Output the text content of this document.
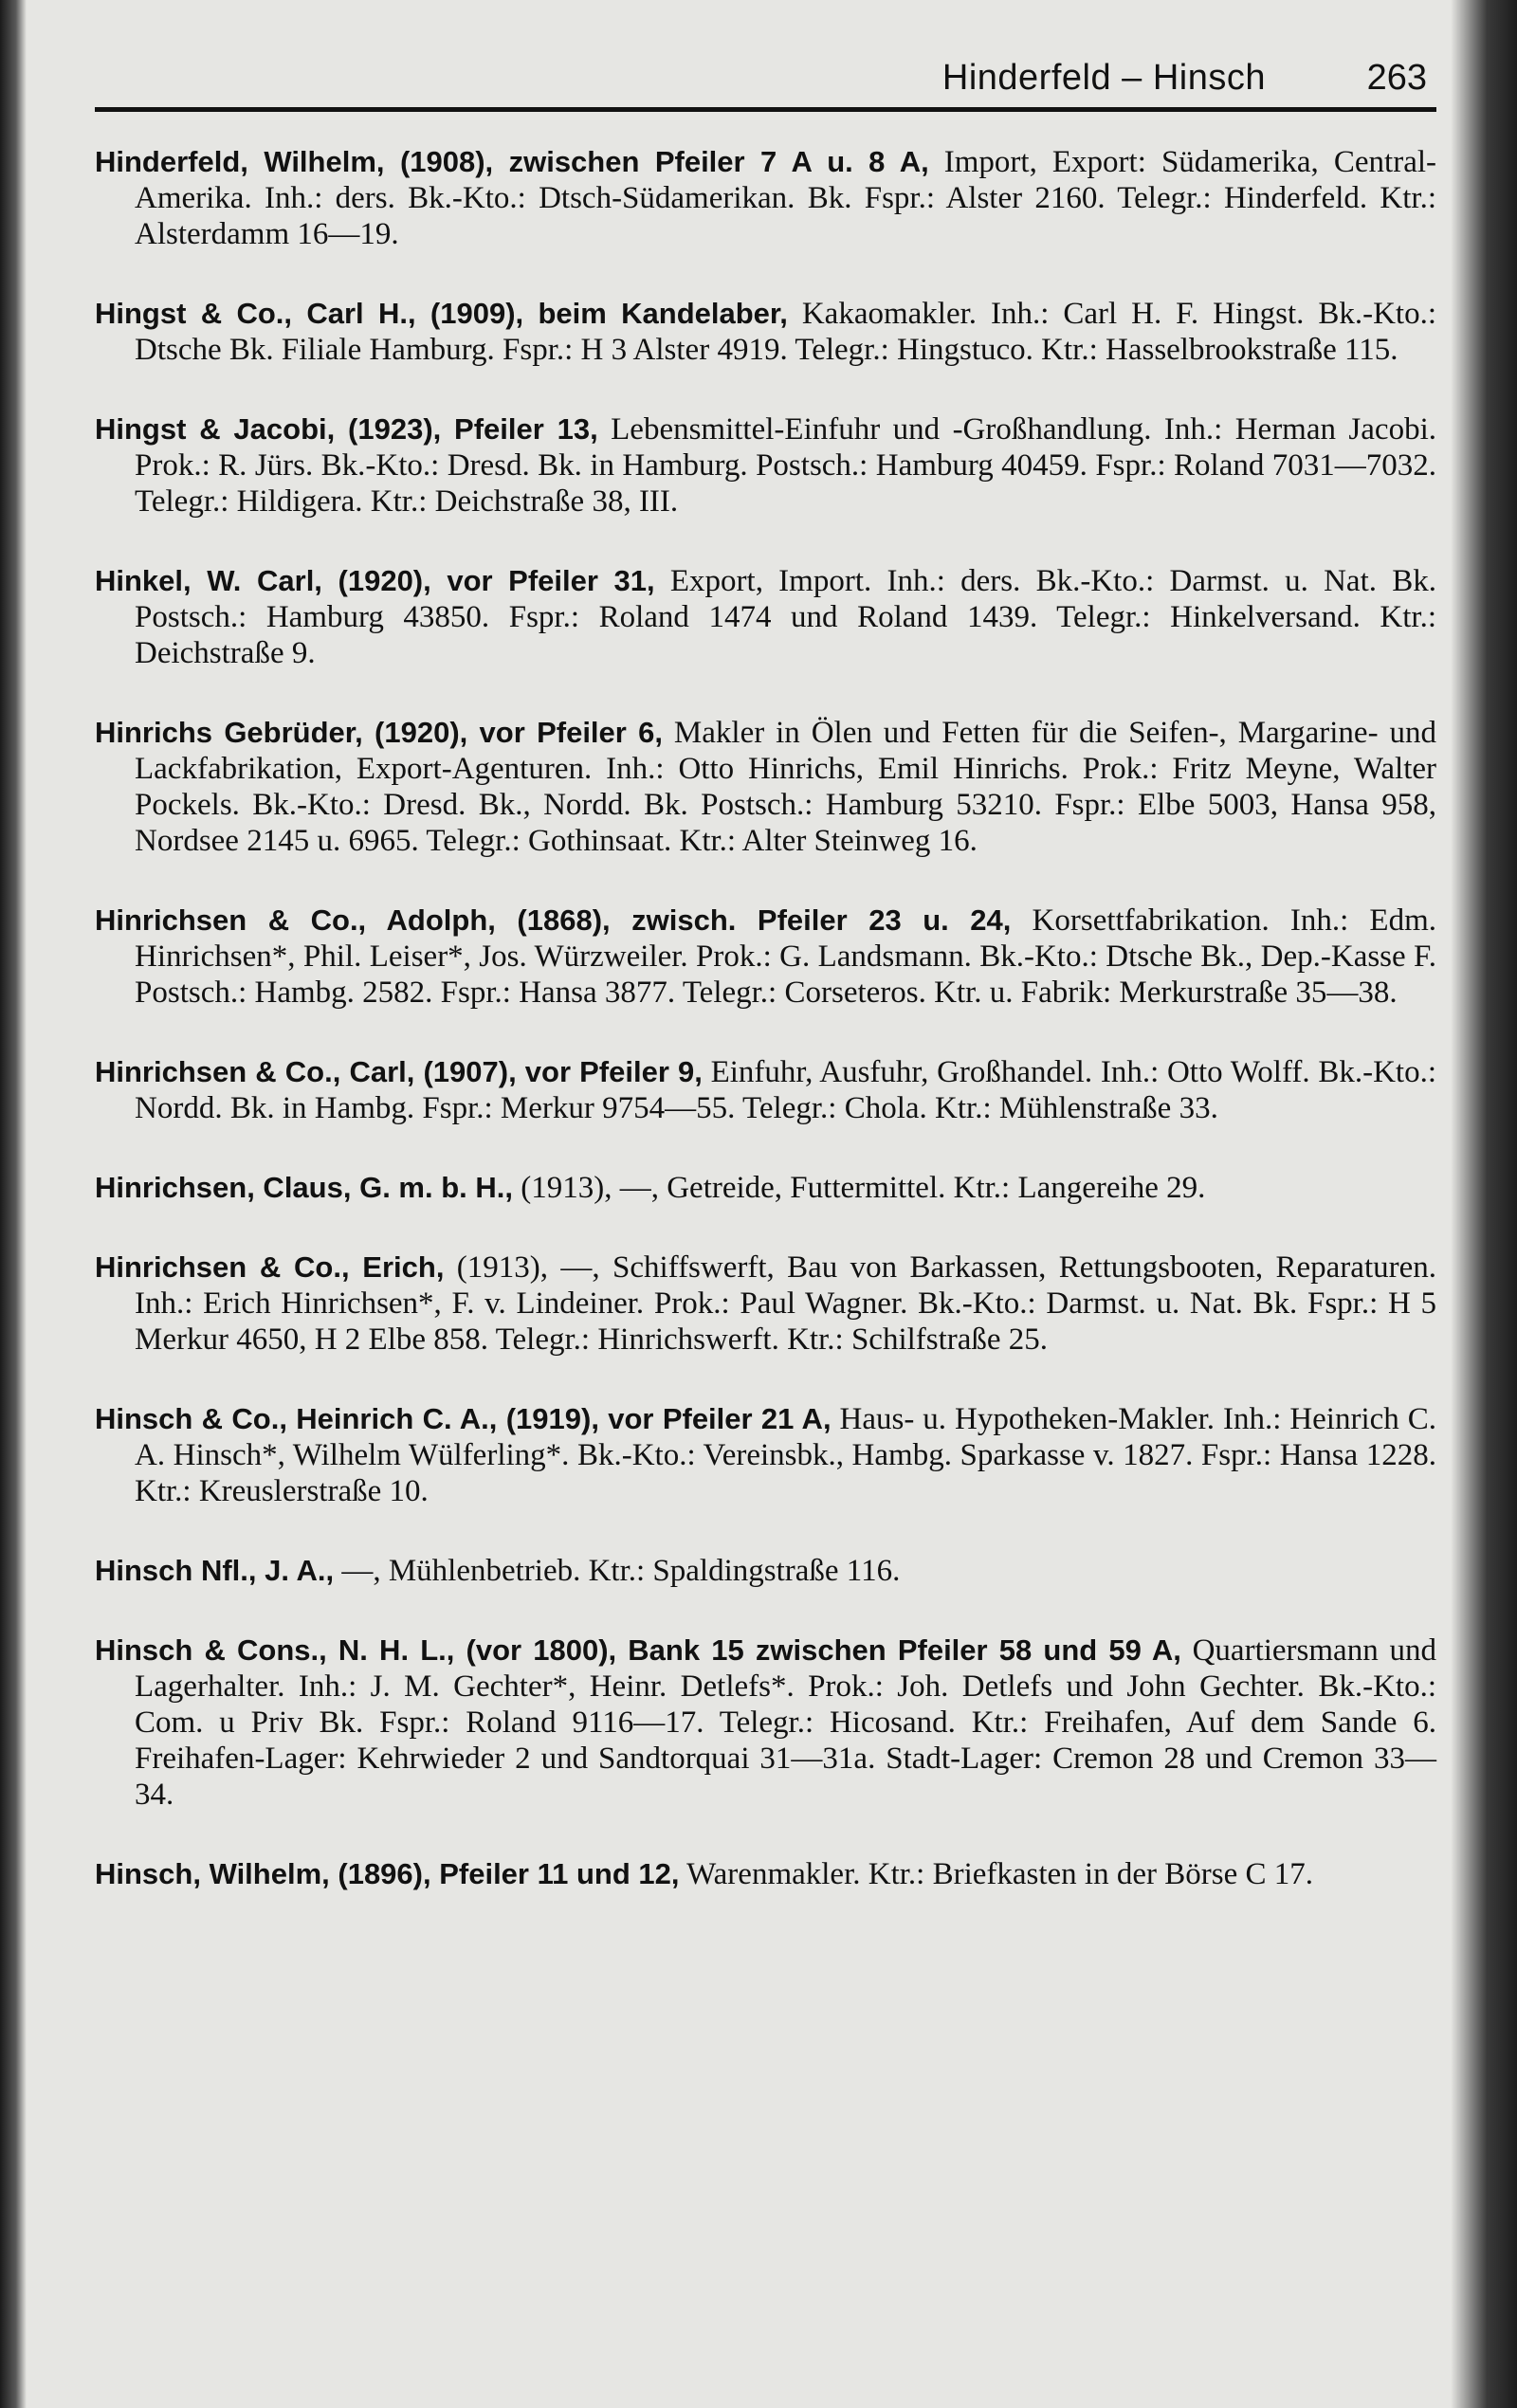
Hinderfeld – Hinsch	263

Hinderfeld, Wilhelm, (1908), zwischen Pfeiler 7 A u. 8 A, Import, Export: Südamerika, Central-Amerika. Inh.: ders. Bk.-Kto.: Dtsch-Südamerikan. Bk. Fspr.: Alster 2160. Telegr.: Hinderfeld. Ktr.: Alsterdamm 16—19.

Hingst & Co., Carl H., (1909), beim Kandelaber, Kakaomakler. Inh.: Carl H. F. Hingst. Bk.-Kto.: Dtsche Bk. Filiale Hamburg. Fspr.: H 3 Alster 4919. Telegr.: Hingstuco. Ktr.: Hasselbrookstraße 115.

Hingst & Jacobi, (1923), Pfeiler 13, Lebensmittel-Einfuhr und -Großhandlung. Inh.: Herman Jacobi. Prok.: R. Jürs. Bk.-Kto.: Dresd. Bk. in Hamburg. Postsch.: Hamburg 40459. Fspr.: Roland 7031—7032. Telegr.: Hildigera. Ktr.: Deichstraße 38, III.

Hinkel, W. Carl, (1920), vor Pfeiler 31, Export, Import. Inh.: ders. Bk.-Kto.: Darmst. u. Nat. Bk. Postsch.: Hamburg 43850. Fspr.: Roland 1474 und Roland 1439. Telegr.: Hinkelversand. Ktr.: Deichstraße 9.

Hinrichs Gebrüder, (1920), vor Pfeiler 6, Makler in Ölen und Fetten für die Seifen-, Margarine- und Lackfabrikation, Export-Agenturen. Inh.: Otto Hinrichs, Emil Hinrichs. Prok.: Fritz Meyne, Walter Pockels. Bk.-Kto.: Dresd. Bk., Nordd. Bk. Postsch.: Hamburg 53210. Fspr.: Elbe 5003, Hansa 958, Nordsee 2145 u. 6965. Telegr.: Gothinsaat. Ktr.: Alter Steinweg 16.

Hinrichsen & Co., Adolph, (1868), zwisch. Pfeiler 23 u. 24, Korsettfabrikation. Inh.: Edm. Hinrichsen*, Phil. Leiser*, Jos. Würzweiler. Prok.: G. Landsmann. Bk.-Kto.: Dtsche Bk., Dep.-Kasse F. Postsch.: Hambg. 2582. Fspr.: Hansa 3877. Telegr.: Corseteros. Ktr. u. Fabrik: Merkurstraße 35—38.

Hinrichsen & Co., Carl, (1907), vor Pfeiler 9, Einfuhr, Ausfuhr, Großhandel. Inh.: Otto Wolff. Bk.-Kto.: Nordd. Bk. in Hambg. Fspr.: Merkur 9754—55. Telegr.: Chola. Ktr.: Mühlenstraße 33.

Hinrichsen, Claus, G. m. b. H., (1913), —, Getreide, Futtermittel. Ktr.: Langereihe 29.

Hinrichsen & Co., Erich, (1913), —, Schiffswerft, Bau von Barkassen, Rettungsbooten, Reparaturen. Inh.: Erich Hinrichsen*, F. v. Lindeiner. Prok.: Paul Wagner. Bk.-Kto.: Darmst. u. Nat. Bk. Fspr.: H 5 Merkur 4650, H 2 Elbe 858. Telegr.: Hinrichswerft. Ktr.: Schilfstraße 25.

Hinsch & Co., Heinrich C. A., (1919), vor Pfeiler 21 A, Haus- u. Hypotheken-Makler. Inh.: Heinrich C. A. Hinsch*, Wilhelm Wülferling*. Bk.-Kto.: Vereinsbk., Hambg. Sparkasse v. 1827. Fspr.: Hansa 1228. Ktr.: Kreuslerstraße 10.

Hinsch Nfl., J. A., —, Mühlenbetrieb. Ktr.: Spaldingstraße 116.

Hinsch & Cons., N. H. L., (vor 1800), Bank 15 zwischen Pfeiler 58 und 59 A, Quartiersmann und Lagerhalter. Inh.: J. M. Gechter*, Heinr. Detlefs*. Prok.: Joh. Detlefs und John Gechter. Bk.-Kto.: Com. u Priv Bk. Fspr.: Roland 9116—17. Telegr.: Hicosand. Ktr.: Freihafen, Auf dem Sande 6. Freihafen-Lager: Kehrwieder 2 und Sandtorquai 31—31a. Stadt-Lager: Cremon 28 und Cremon 33—34.

Hinsch, Wilhelm, (1896), Pfeiler 11 und 12, Warenmakler. Ktr.: Briefkasten in der Börse C 17.
